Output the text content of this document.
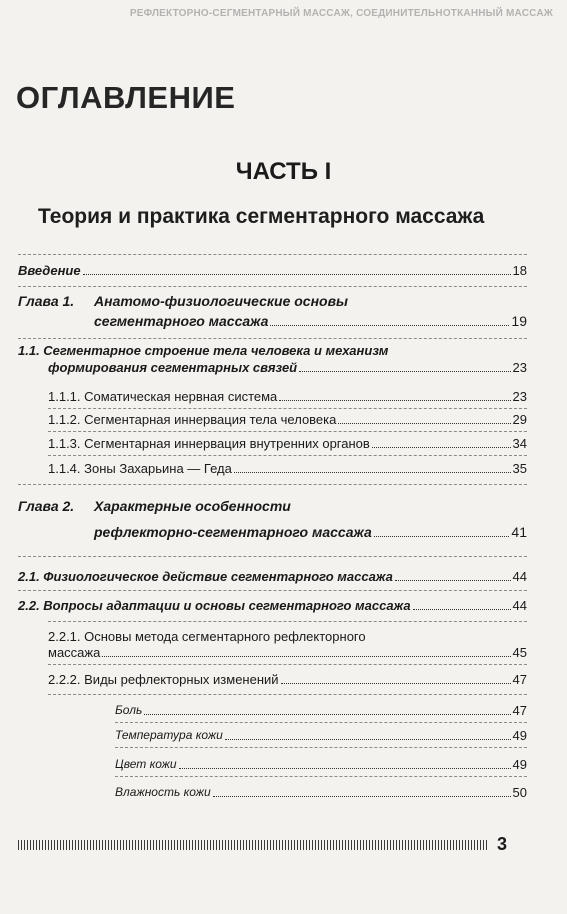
РЕФЛЕКТОРНО-СЕГМЕНТАРНЫЙ МАССАЖ, СОЕДИНИТЕЛЬНОТКАННЫЙ МАССАЖ
ОГЛАВЛЕНИЕ
ЧАСТЬ I
Теория и практика сегментарного массажа
Введение	18
Глава 1. Анатомо-физиологические основы
сегментарного массажа	19
1.1. Сегментарное строение тела человека и механизм
формирования сегментарных связей	23
1.1.1. Соматическая нервная система	23
1.1.2. Сегментарная иннервация тела человека	29
1.1.3. Сегментарная иннервация внутренних органов	34
1.1.4. Зоны Захарьина — Геда	35
Глава 2. Характерные особенности
рефлекторно-сегментарного массажа	41
2.1. Физиологическое действие сегментарного массажа	44
2.2. Вопросы адаптации и основы сегментарного массажа	44
2.2.1. Основы метода сегментарного рефлекторного
массажа	45
2.2.2. Виды рефлекторных изменений	47
Боль	47
Температура кожи	49
Цвет кожи	49
Влажность кожи	50
3
